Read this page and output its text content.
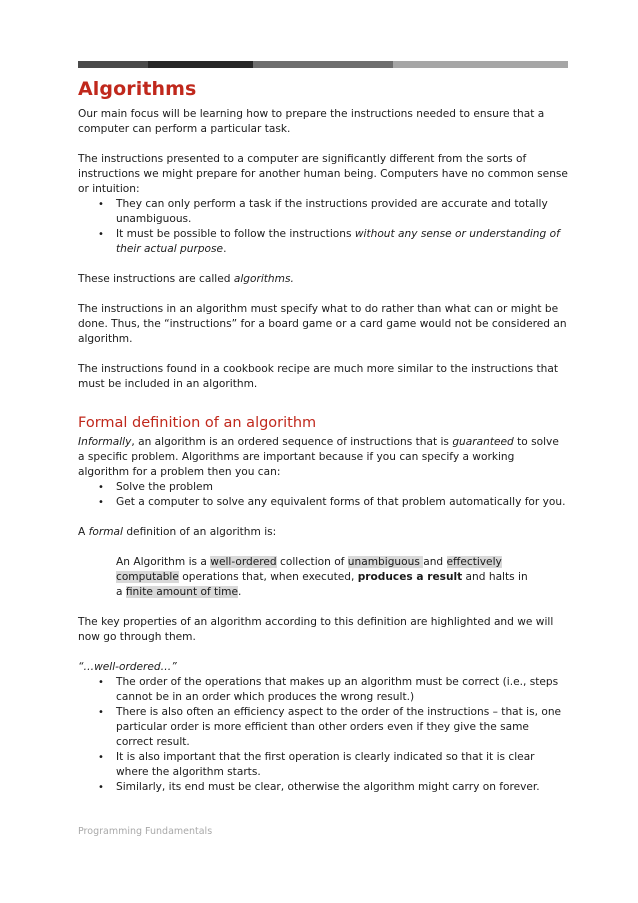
Algorithms

Our main focus will be learning how to prepare the instructions needed to ensure that a computer can perform a particular task.

The instructions presented to a computer are significantly different from the sorts of instructions we might prepare for another human being. Computers have no common sense or intuition:

• They can only perform a task if the instructions provided are accurate and totally unambiguous.
• It must be possible to follow the instructions without any sense or understanding of their actual purpose.

These instructions are called algorithms.

The instructions in an algorithm must specify what to do rather than what can or might be done. Thus, the “instructions” for a board game or a card game would not be considered an algorithm.

The instructions found in a cookbook recipe are much more similar to the instructions that must be included in an algorithm.

Formal definition of an algorithm

Informally, an algorithm is an ordered sequence of instructions that is guaranteed to solve a specific problem. Algorithms are important because if you can specify a working algorithm for a problem then you can:

• Solve the problem
• Get a computer to solve any equivalent forms of that problem automatically for you.

A formal definition of an algorithm is:

An Algorithm is a well-ordered collection of unambiguous and effectively computable operations that, when executed, produces a result and halts in a finite amount of time.

The key properties of an algorithm according to this definition are highlighted and we will now go through them.

“…well-ordered…”

• The order of the operations that makes up an algorithm must be correct (i.e., steps cannot be in an order which produces the wrong result.)
• There is also often an efficiency aspect to the order of the instructions – that is, one particular order is more efficient than other orders even if they give the same correct result.
• It is also important that the first operation is clearly indicated so that it is clear where the algorithm starts.
• Similarly, its end must be clear, otherwise the algorithm might carry on forever.
Programming Fundamentals
